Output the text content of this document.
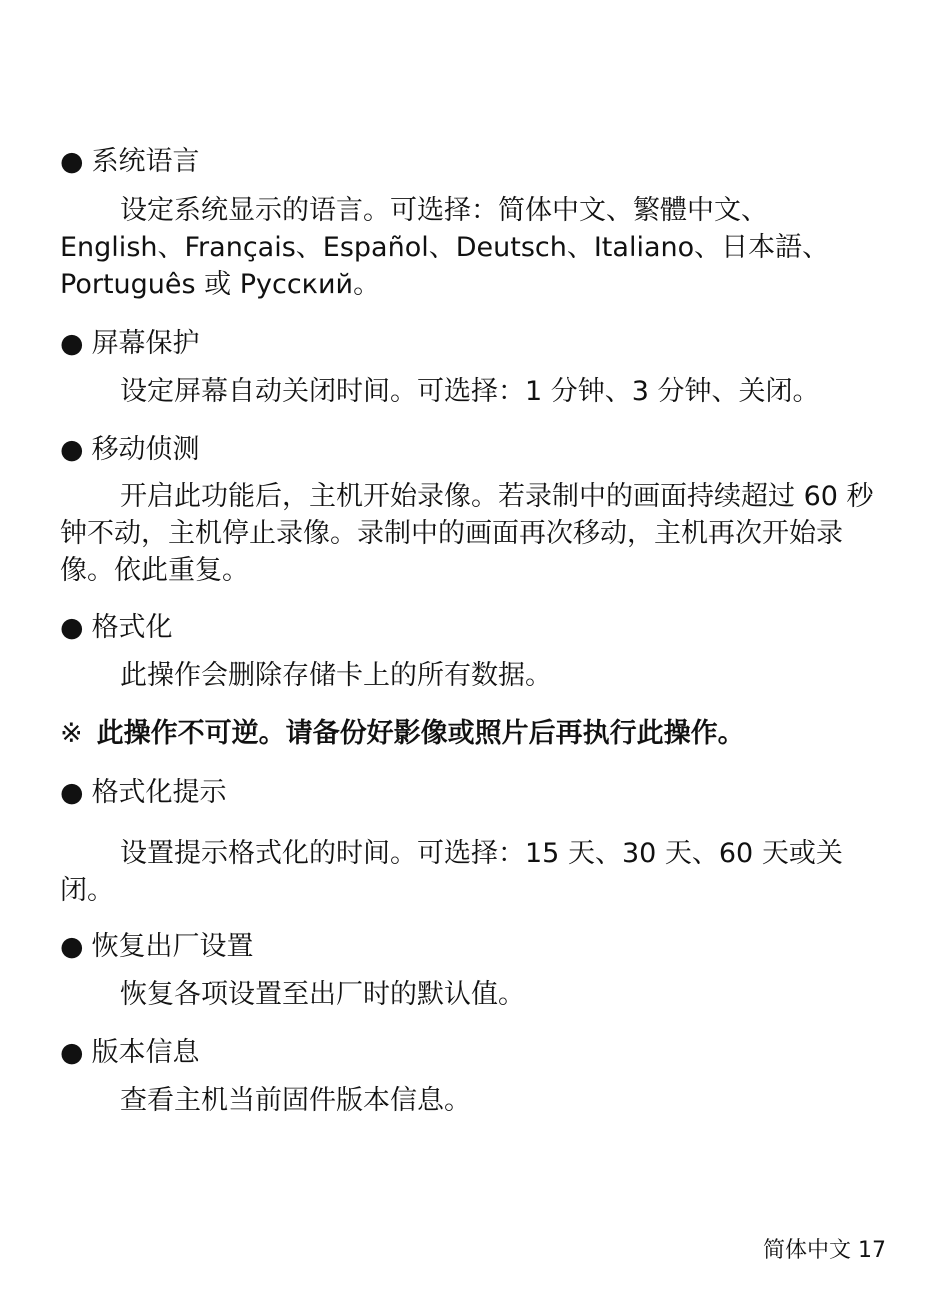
● 系统语言

设定系统显示的语言。可选择：简体中文、繁體中文、English、Français、Español、Deutsch、Italiano、日本語、Português 或 Русский。

● 屏幕保护

设定屏幕自动关闭时间。可选择：1 分钟、3 分钟、关闭。

● 移动侦测

开启此功能后，主机开始录像。若录制中的画面持续超过 60 秒钟不动，主机停止录像。录制中的画面再次移动，主机再次开始录像。依此重复。

● 格式化

此操作会删除存储卡上的所有数据。

※ 此操作不可逆。请备份好影像或照片后再执行此操作。
● 格式化提示

设置提示格式化的时间。可选择：15 天、30 天、60 天或关闭。

● 恢复出厂设置

恢复各项设置至出厂时的默认值。

● 版本信息

查看主机当前固件版本信息。

简体中文 17
